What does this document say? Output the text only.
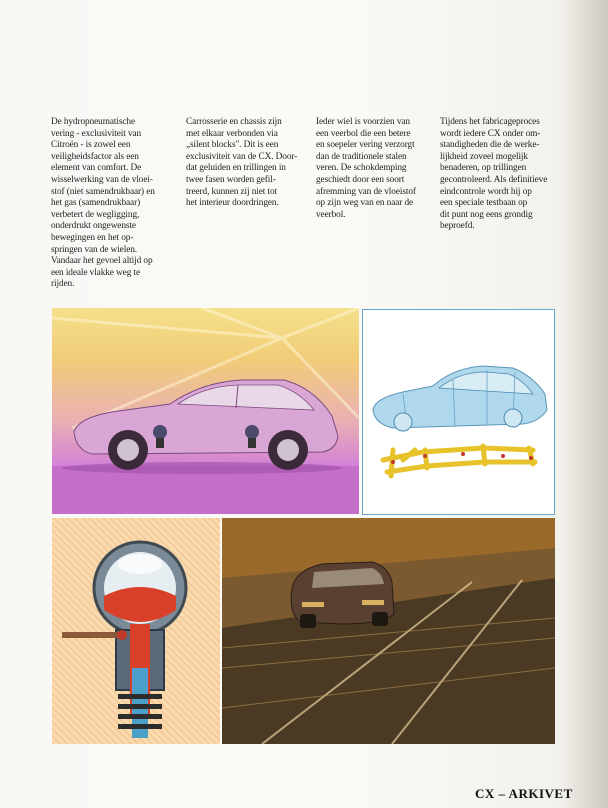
De hydropneumatische
vering - exclusiviteit van
Citroën - is zowel een
veiligheidsfactor als een
element van comfort. De
wisselwerking van de vloei-
stof (niet samendrukbaar) en
het gas (samendrukbaar)
verbetert de wegligging,
onderdrukt ongewenste
bewegingen en het op-
springen van de wielen.
Vandaar het gevoel altijd op
een ideale vlakke weg te
rijden.
Carrosserie en chassis zijn
met elkaar verbonden via
„silent blocks". Dit is een
exclusiviteit van de CX. Door-
dat geluiden en trillingen in
twee fasen worden gefil-
treerd, kunnen zij niet tot
het interieur doordringen.
Ieder wiel is voorzien van
een veerbol die een betere
en soepeler vering verzorgt
dan de traditionele stalen
veren. De schokdemping
geschiedt door een soort
afremming van de vloeistof
op zijn weg van en naar de
veerbol.
Tijdens het fabricageproces
wordt iedere CX onder om-
standigheden die de werke-
lijkheid zoveel mogelijk
benaderen, op trillingen
gecontroleerd. Als definitieve
eindcontrole wordt hij op
een speciale testbaan op
dit punt nog eens grondig
beproefd.
CX – ARKIVET
